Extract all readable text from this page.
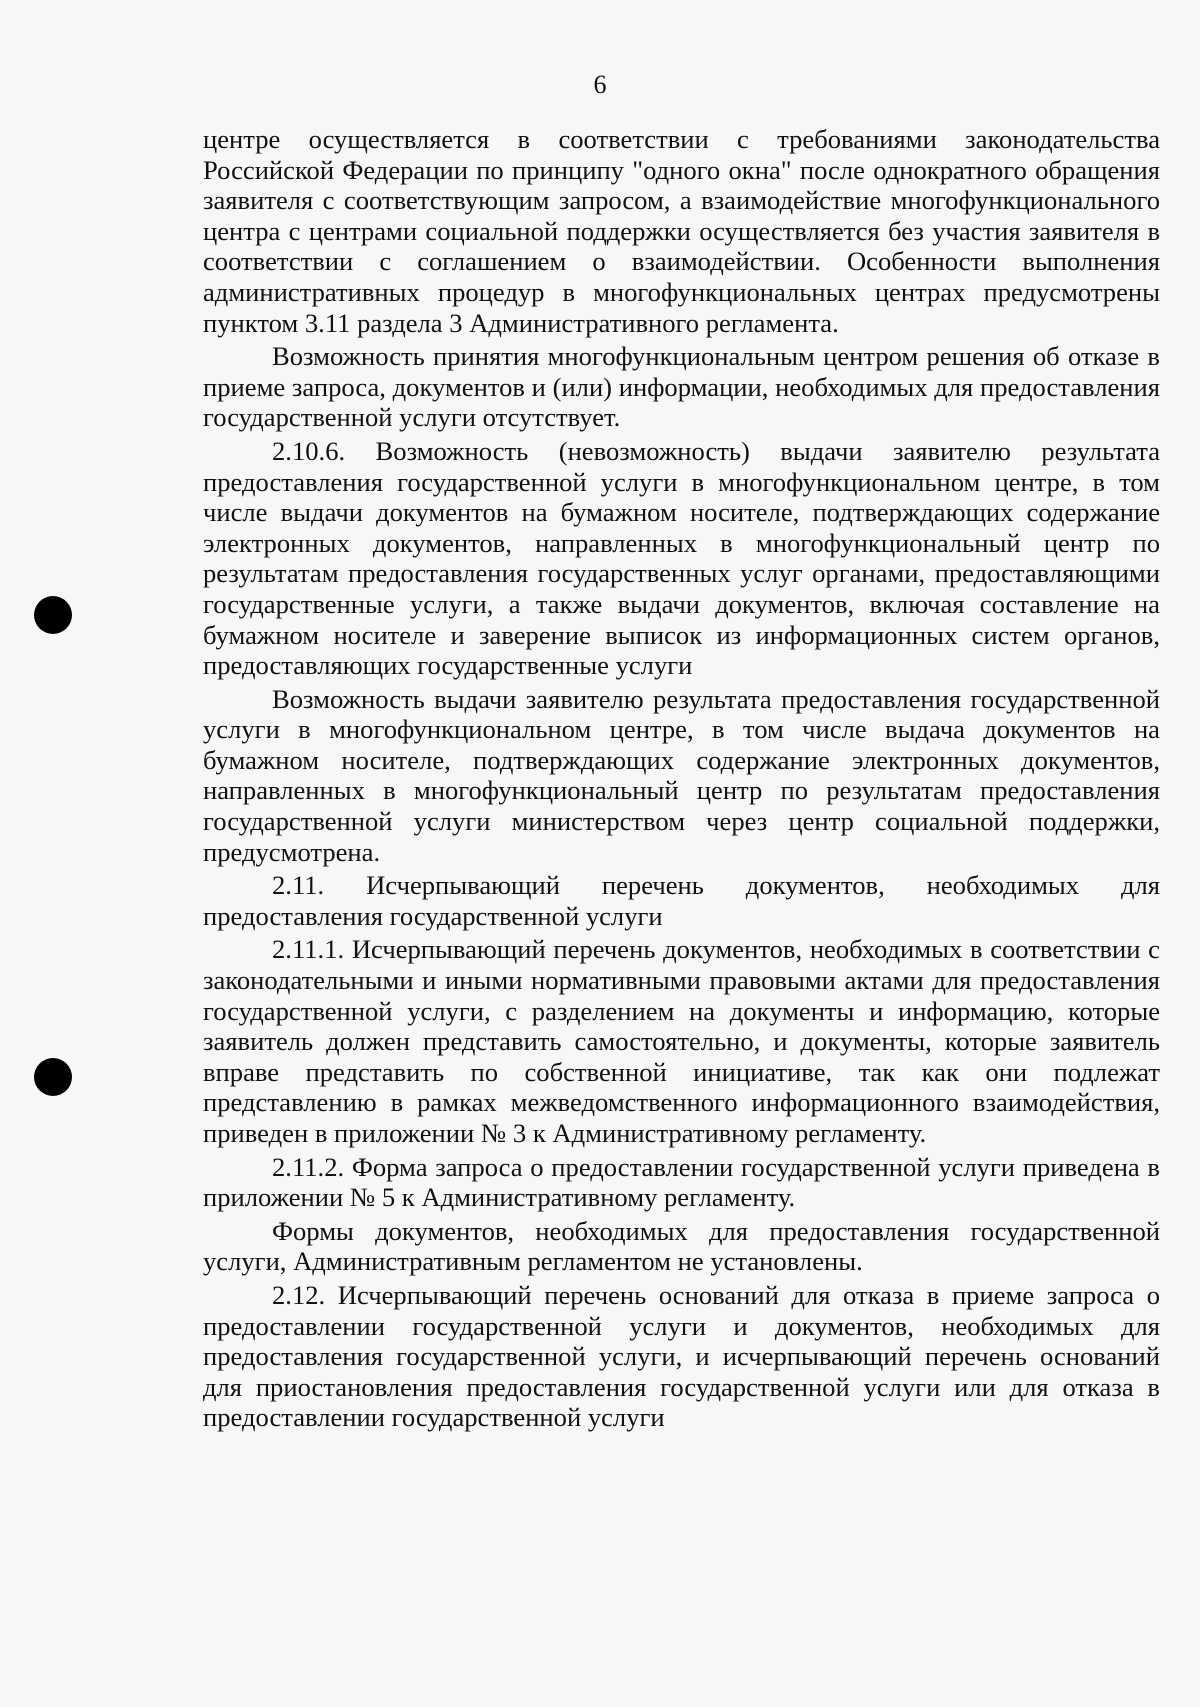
6

центре осуществляется в соответствии с требованиями законодательства Российской Федерации по принципу "одного окна" после однократного обращения заявителя с соответствующим запросом, а взаимодействие многофункционального центра с центрами социальной поддержки осуществляется без участия заявителя в соответствии с соглашением о взаимодействии. Особенности выполнения административных процедур в многофункциональных центрах предусмотрены пунктом 3.11 раздела 3 Административного регламента.

Возможность принятия многофункциональным центром решения об отказе в приеме запроса, документов и (или) информации, необходимых для предоставления государственной услуги отсутствует.

2.10.6. Возможность (невозможность) выдачи заявителю результата предоставления государственной услуги в многофункциональном центре, в том числе выдачи документов на бумажном носителе, подтверждающих содержание электронных документов, направленных в многофункциональный центр по результатам предоставления государственных услуг органами, предоставляющими государственные услуги, а также выдачи документов, включая составление на бумажном носителе и заверение выписок из информационных систем органов, предоставляющих государственные услуги

Возможность выдачи заявителю результата предоставления государственной услуги в многофункциональном центре, в том числе выдача документов на бумажном носителе, подтверждающих содержание электронных документов, направленных в многофункциональный центр по результатам предоставления государственной услуги министерством через центр социальной поддержки, предусмотрена.

2.11. Исчерпывающий перечень документов, необходимых для предоставления государственной услуги

2.11.1. Исчерпывающий перечень документов, необходимых в соответствии с законодательными и иными нормативными правовыми актами для предоставления государственной услуги, с разделением на документы и информацию, которые заявитель должен представить самостоятельно, и документы, которые заявитель вправе представить по собственной инициативе, так как они подлежат представлению в рамках межведомственного информационного взаимодействия, приведен в приложении № 3 к Административному регламенту.

2.11.2. Форма запроса о предоставлении государственной услуги приведена в приложении № 5 к Административному регламенту.

Формы документов, необходимых для предоставления государственной услуги, Административным регламентом не установлены.

2.12. Исчерпывающий перечень оснований для отказа в приеме запроса о предоставлении государственной услуги и документов, необходимых для предоставления государственной услуги, и исчерпывающий перечень оснований для приостановления предоставления государственной услуги или для отказа в предоставлении государственной услуги
